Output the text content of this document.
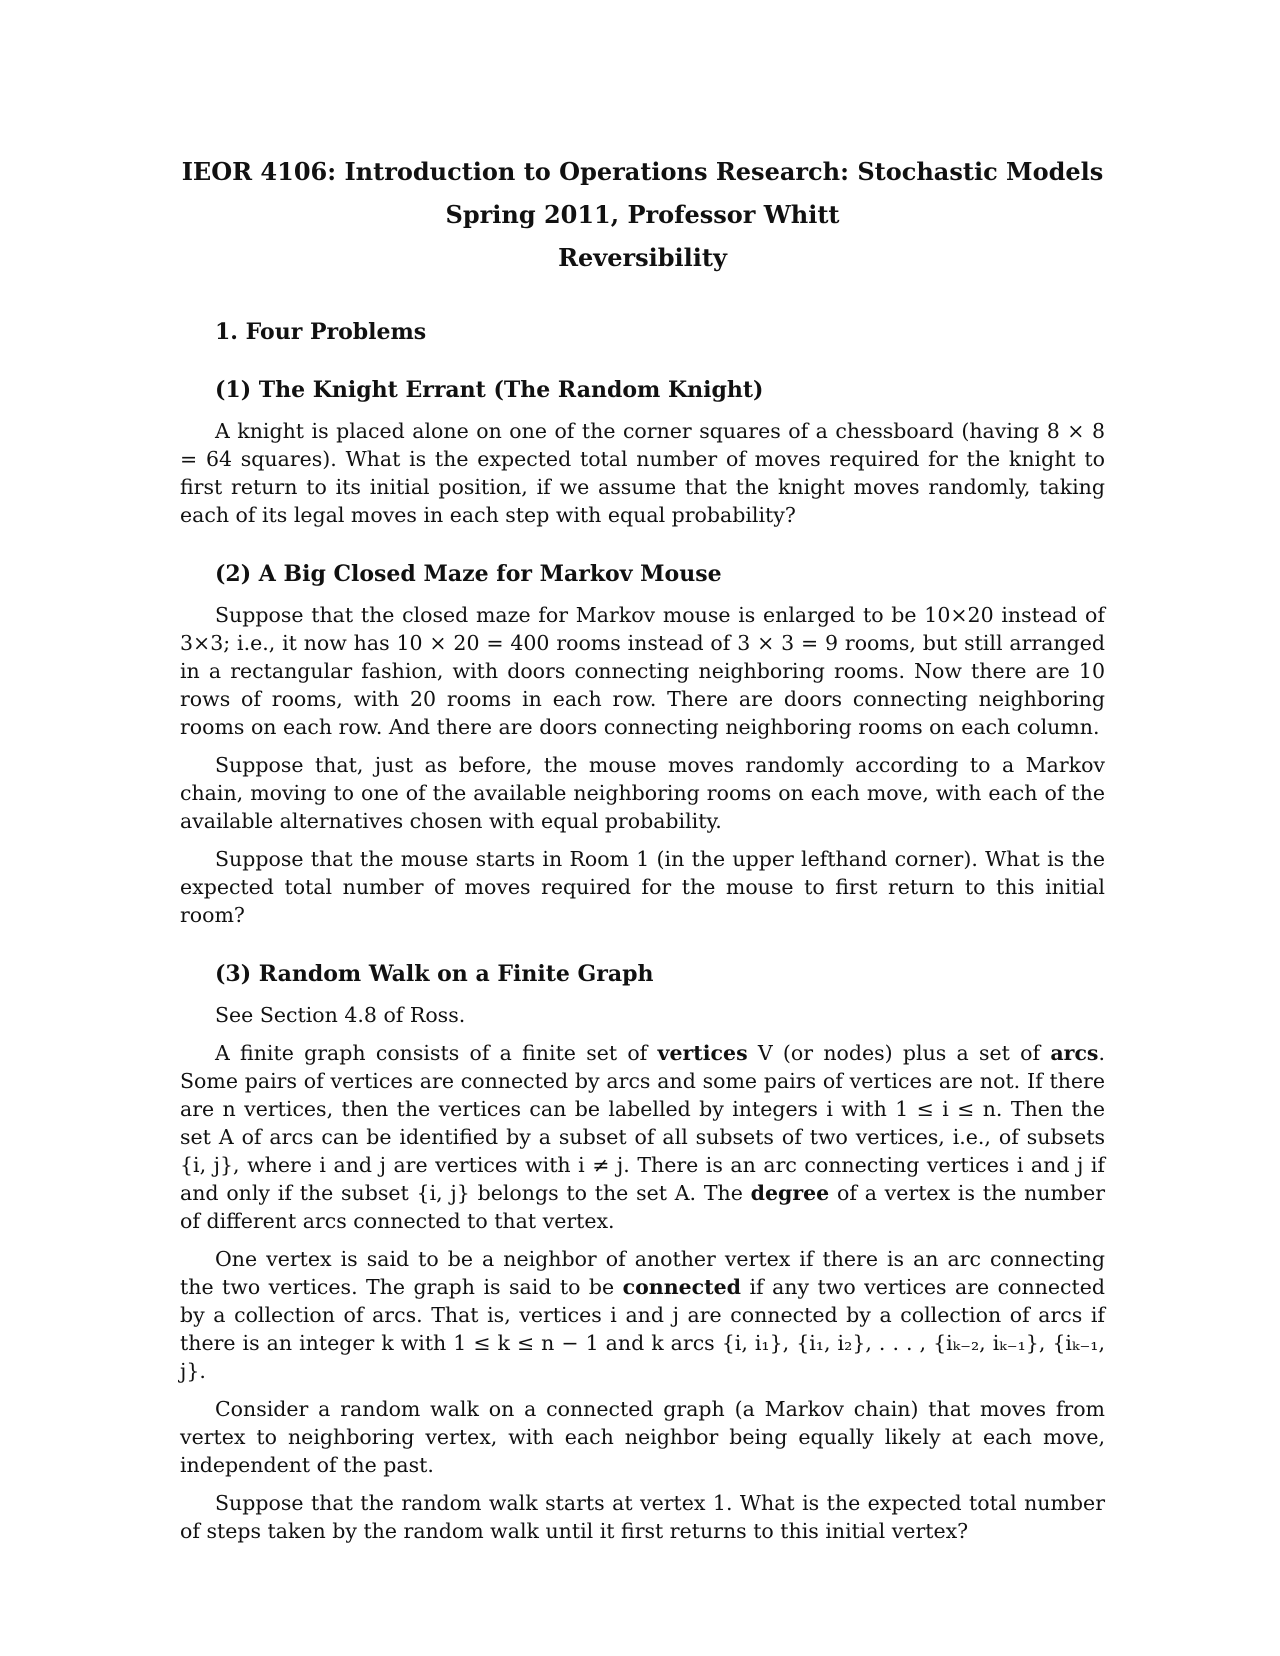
IEOR 4106: Introduction to Operations Research: Stochastic Models
Spring 2011, Professor Whitt
Reversibility
1. Four Problems
(1) The Knight Errant (The Random Knight)

A knight is placed alone on one of the corner squares of a chessboard (having 8 × 8 = 64 squares). What is the expected total number of moves required for the knight to first return to its initial position, if we assume that the knight moves randomly, taking each of its legal moves in each step with equal probability?

(2) A Big Closed Maze for Markov Mouse

Suppose that the closed maze for Markov mouse is enlarged to be 10×20 instead of 3×3; i.e., it now has 10 × 20 = 400 rooms instead of 3 × 3 = 9 rooms, but still arranged in a rectangular fashion, with doors connecting neighboring rooms. Now there are 10 rows of rooms, with 20 rooms in each row. There are doors connecting neighboring rooms on each row. And there are doors connecting neighboring rooms on each column.

Suppose that, just as before, the mouse moves randomly according to a Markov chain, moving to one of the available neighboring rooms on each move, with each of the available alternatives chosen with equal probability.

Suppose that the mouse starts in Room 1 (in the upper lefthand corner). What is the expected total number of moves required for the mouse to first return to this initial room?

(3) Random Walk on a Finite Graph

See Section 4.8 of Ross.

A finite graph consists of a finite set of vertices V (or nodes) plus a set of arcs. Some pairs of vertices are connected by arcs and some pairs of vertices are not. If there are n vertices, then the vertices can be labelled by integers i with 1 ≤ i ≤ n. Then the set A of arcs can be identified by a subset of all subsets of two vertices, i.e., of subsets {i, j}, where i and j are vertices with i ≠ j. There is an arc connecting vertices i and j if and only if the subset {i, j} belongs to the set A. The degree of a vertex is the number of different arcs connected to that vertex.

One vertex is said to be a neighbor of another vertex if there is an arc connecting the two vertices. The graph is said to be connected if any two vertices are connected by a collection of arcs. That is, vertices i and j are connected by a collection of arcs if there is an integer k with 1 ≤ k ≤ n − 1 and k arcs {i, i₁}, {i₁, i₂}, . . . , {iₖ₋₂, iₖ₋₁}, {iₖ₋₁, j}.

Consider a random walk on a connected graph (a Markov chain) that moves from vertex to neighboring vertex, with each neighbor being equally likely at each move, independent of the past.

Suppose that the random walk starts at vertex 1. What is the expected total number of steps taken by the random walk until it first returns to this initial vertex?
